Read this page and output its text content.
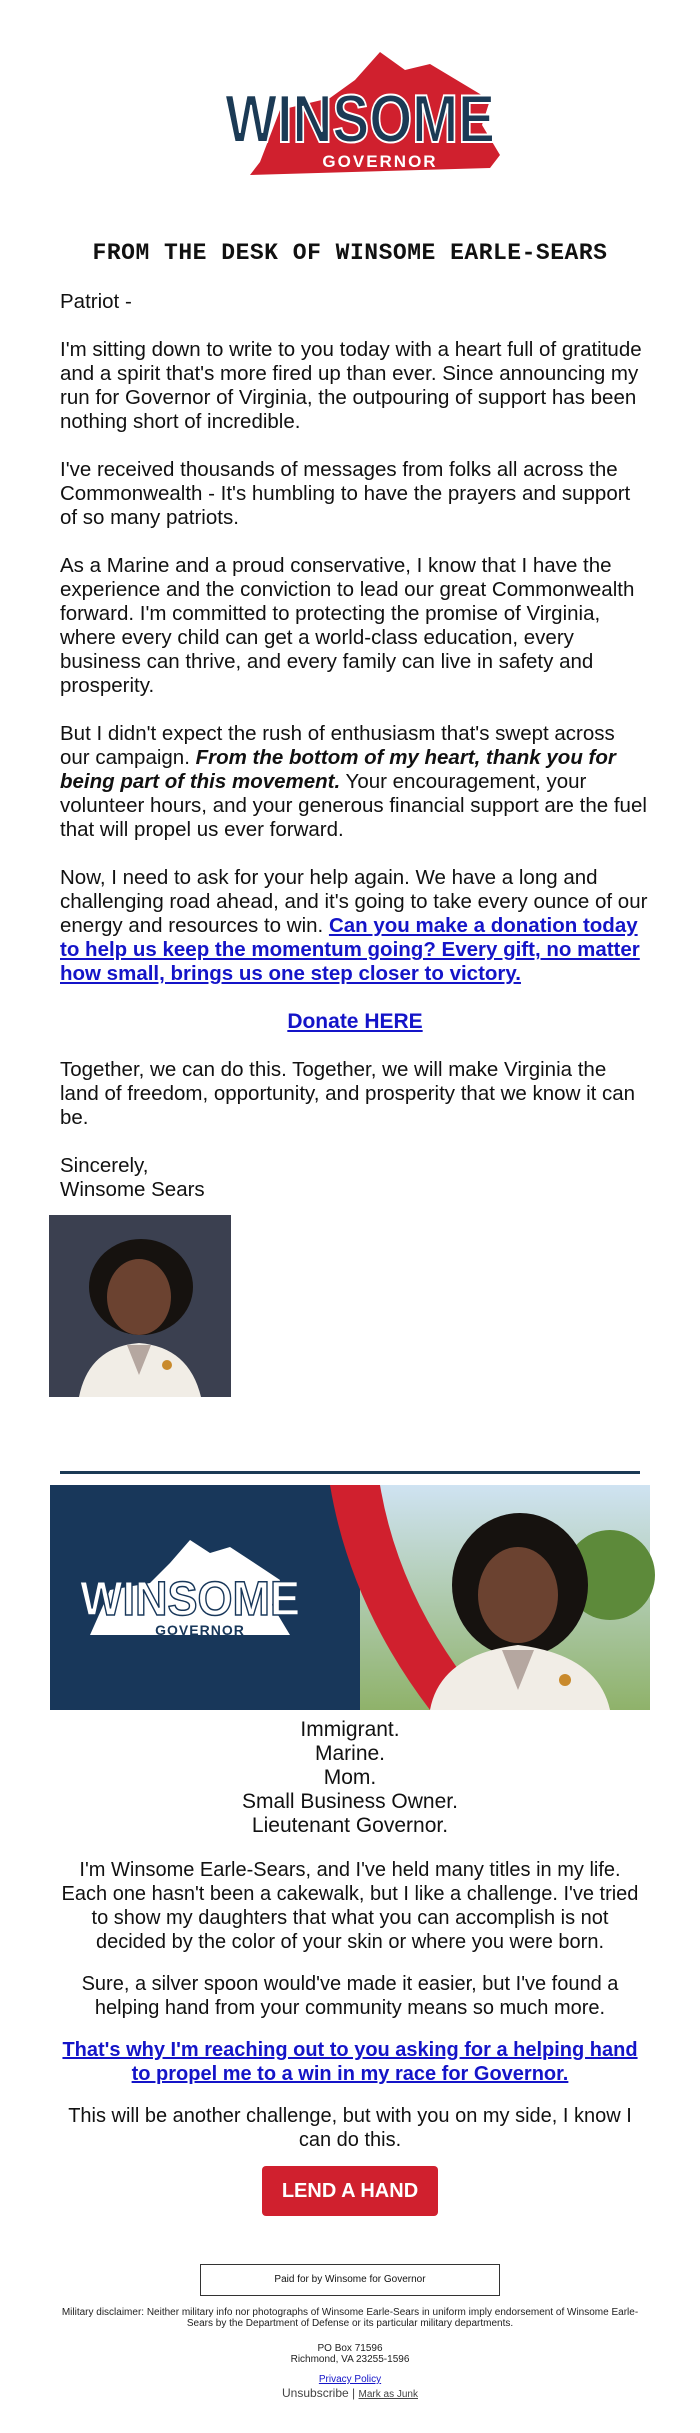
WINSOME
GOVERNOR
FROM THE DESK OF WINSOME EARLE-SEARS

Patriot -

I'm sitting down to write to you today with a heart full of gratitude and a spirit that's more fired up than ever. Since announcing my run for Governor of Virginia, the outpouring of support has been nothing short of incredible.

I've received thousands of messages from folks all across the Commonwealth - It's humbling to have the prayers and support of so many patriots.

As a Marine and a proud conservative, I know that I have the experience and the conviction to lead our great Commonwealth forward. I'm committed to protecting the promise of Virginia, where every child can get a world-class education, every business can thrive, and every family can live in safety and prosperity.

But I didn't expect the rush of enthusiasm that's swept across our campaign. From the bottom of my heart, thank you for being part of this movement. Your encouragement, your volunteer hours, and your generous financial support are the fuel that will propel us ever forward.

Now, I need to ask for your help again. We have a long and challenging road ahead, and it's going to take every ounce of our energy and resources to win. Can you make a donation today to help us keep the momentum going? Every gift, no matter how small, brings us one step closer to victory.

Donate HERE

Together, we can do this. Together, we will make Virginia the land of freedom, opportunity, and prosperity that we know it can be.

Sincerely,

Winsome Sears

WINSOME
GOVERNOR
Immigrant.
Marine.
Mom.
Small Business Owner.
Lieutenant Governor.

I'm Winsome Earle-Sears, and I've held many titles in my life. Each one hasn't been a cakewalk, but I like a challenge. I've tried to show my daughters that what you can accomplish is not decided by the color of your skin or where you were born.

Sure, a silver spoon would've made it easier, but I've found a helping hand from your community means so much more.

That's why I'm reaching out to you asking for a helping hand to propel me to a win in my race for Governor.

This will be another challenge, but with you on my side, I know I can do this.

LEND A HAND
Paid for by Winsome for Governor
Military disclaimer: Neither military info nor photographs of Winsome Earle-Sears in uniform imply endorsement of Winsome Earle-Sears by the Department of Defense or its particular military departments.
PO Box 71596
Richmond, VA 23255-1596
Privacy Policy
Unsubscribe | Mark as Junk
